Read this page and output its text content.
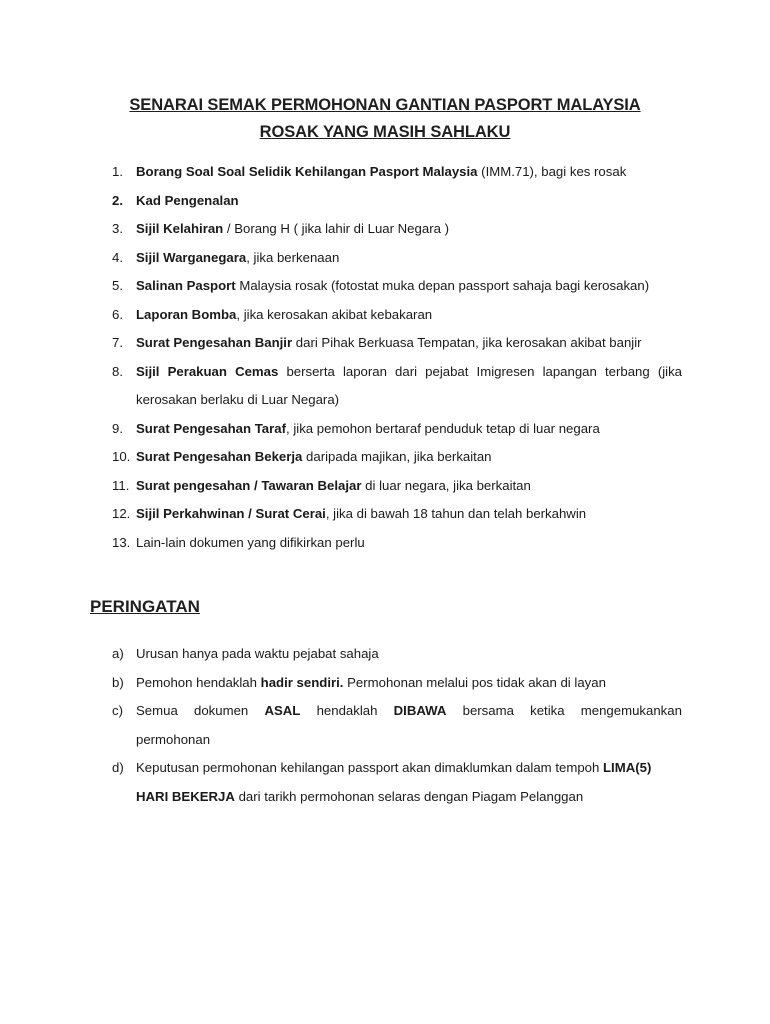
SENARAI SEMAK PERMOHONAN GANTIAN PASPORT MALAYSIA
ROSAK YANG MASIH SAHLAKU
1. Borang Soal Soal Selidik Kehilangan Pasport Malaysia (IMM.71), bagi kes rosak
2. Kad Pengenalan
3. Sijil Kelahiran / Borang H ( jika lahir di Luar Negara )
4. Sijil Warganegara, jika berkenaan
5. Salinan Pasport Malaysia rosak (fotostat muka depan passport sahaja bagi kerosakan)
6. Laporan Bomba, jika kerosakan akibat kebakaran
7. Surat Pengesahan Banjir dari Pihak Berkuasa Tempatan, jika kerosakan akibat banjir
8. Sijil Perakuan Cemas berserta laporan dari pejabat Imigresen lapangan terbang (jika kerosakan berlaku di Luar Negara)
9. Surat Pengesahan Taraf, jika pemohon bertaraf penduduk tetap di luar negara
10. Surat Pengesahan Bekerja daripada majikan, jika berkaitan
11. Surat pengesahan / Tawaran Belajar di luar negara, jika berkaitan
12. Sijil Perkahwinan / Surat Cerai, jika di bawah 18 tahun dan telah berkahwin
13. Lain-lain dokumen yang difikirkan perlu
PERINGATAN
a) Urusan hanya pada waktu pejabat sahaja
b) Pemohon hendaklah hadir sendiri. Permohonan melalui pos tidak akan di layan
c) Semua dokumen ASAL hendaklah DIBAWA bersama ketika mengemukankan
permohonan
d) Keputusan permohonan kehilangan passport akan dimaklumkan dalam tempoh LIMA(5)
HARI BEKERJA dari tarikh permohonan selaras dengan Piagam Pelanggan
